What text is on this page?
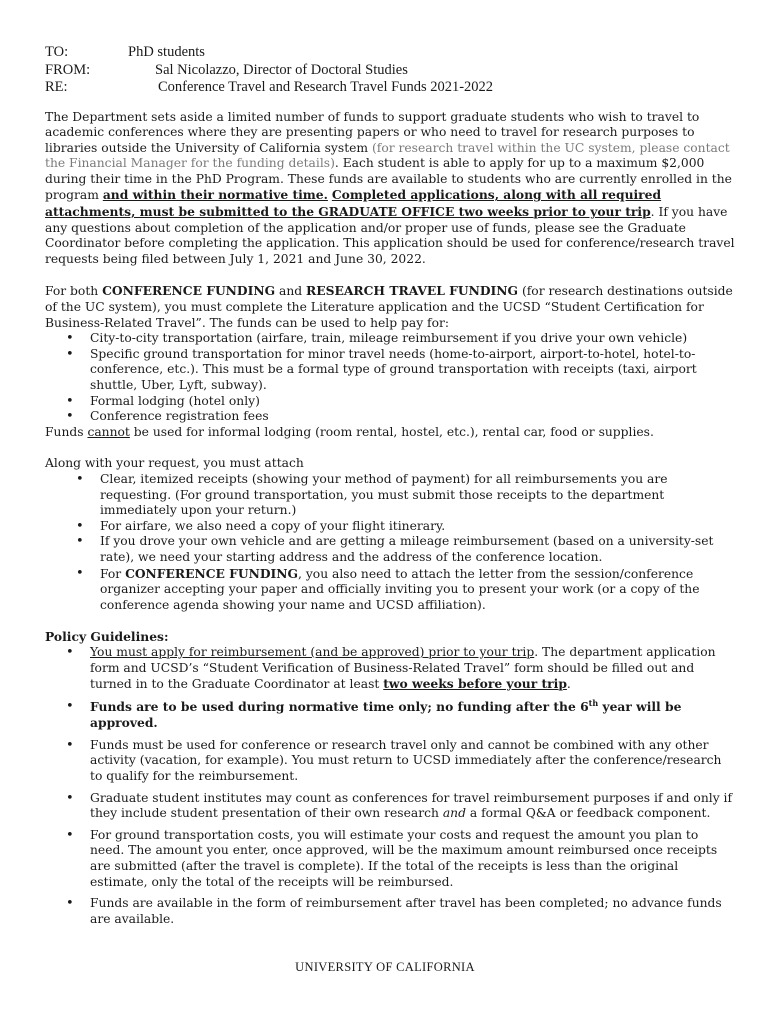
TO:	PhD students
FROM:	Sal Nicolazzo, Director of Doctoral Studies
RE:	Conference Travel and Research Travel Funds 2021-2022

The Department sets aside a limited number of funds to support graduate students who wish to travel to academic conferences where they are presenting papers or who need to travel for research purposes to libraries outside the University of California system (for research travel within the UC system, please contact the Financial Manager for the funding details). Each student is able to apply for up to a maximum $2,000 during their time in the PhD Program. These funds are available to students who are currently enrolled in the program and within their normative time. Completed applications, along with all required attachments, must be submitted to the GRADUATE OFFICE two weeks prior to your trip. If you have any questions about completion of the application and/or proper use of funds, please see the Graduate Coordinator before completing the application. This application should be used for conference/research travel requests being filed between July 1, 2021 and June 30, 2022.

For both CONFERENCE FUNDING and RESEARCH TRAVEL FUNDING (for research destinations outside of the UC system), you must complete the Literature application and the UCSD “Student Certification for Business-Related Travel”. The funds can be used to help pay for:

• City-to-city transportation (airfare, train, mileage reimbursement if you drive your own vehicle)
• Specific ground transportation for minor travel needs (home-to-airport, airport-to-hotel, hotel-to-conference, etc.). This must be a formal type of ground transportation with receipts (taxi, airport shuttle, Uber, Lyft, subway).
• Formal lodging (hotel only)
• Conference registration fees

Funds cannot be used for informal lodging (room rental, hostel, etc.), rental car, food or supplies.

Along with your request, you must attach

• Clear, itemized receipts (showing your method of payment) for all reimbursements you are requesting. (For ground transportation, you must submit those receipts to the department immediately upon your return.)
• For airfare, we also need a copy of your flight itinerary.
• If you drove your own vehicle and are getting a mileage reimbursement (based on a university-set rate), we need your starting address and the address of the conference location.
• For CONFERENCE FUNDING, you also need to attach the letter from the session/conference organizer accepting your paper and officially inviting you to present your work (or a copy of the conference agenda showing your name and UCSD affiliation).

Policy Guidelines:

• You must apply for reimbursement (and be approved) prior to your trip. The department application form and UCSD’s “Student Verification of Business-Related Travel” form should be filled out and turned in to the Graduate Coordinator at least two weeks before your trip.
• Funds are to be used during normative time only; no funding after the 6th year will be approved.
• Funds must be used for conference or research travel only and cannot be combined with any other activity (vacation, for example). You must return to UCSD immediately after the conference/research to qualify for the reimbursement.
• Graduate student institutes may count as conferences for travel reimbursement purposes if and only if they include student presentation of their own research and a formal Q&A or feedback component.
• For ground transportation costs, you will estimate your costs and request the amount you plan to need. The amount you enter, once approved, will be the maximum amount reimbursed once receipts are submitted (after the travel is complete). If the total of the receipts is less than the original estimate, only the total of the receipts will be reimbursed.
• Funds are available in the form of reimbursement after travel has been completed; no advance funds are available.
UNIVERSITY OF CALIFORNIA
